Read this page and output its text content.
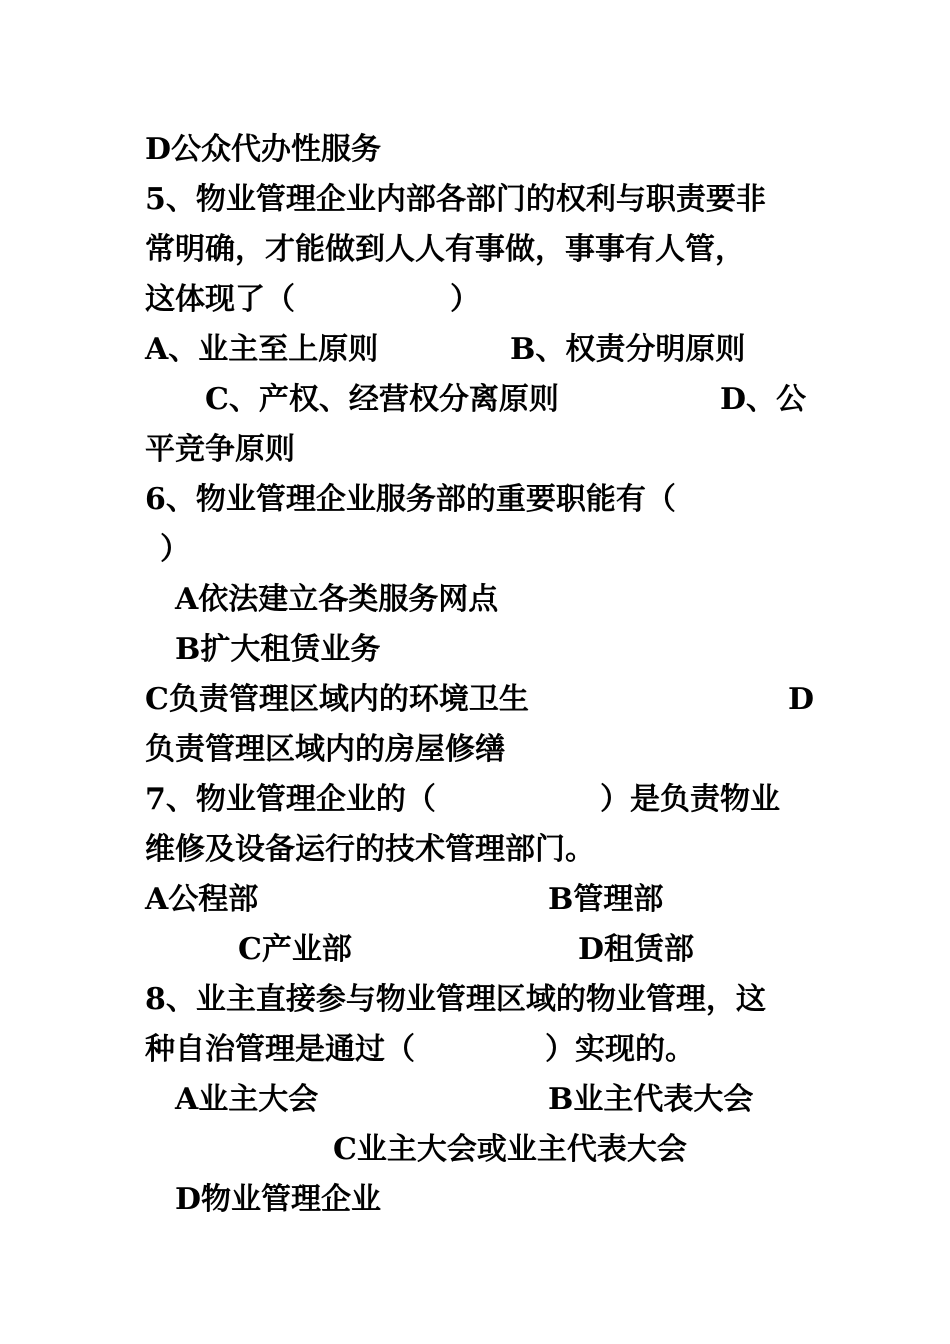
D公众代办性服务

5、物业管理企业内部各部门的权利与职责要非

常明确，才能做到人人有事做，事事有人管，

这体现了（

	）

A、业主至上原则

	B、权责分明原则

C、产权、经营权分离原则

	D、公

平竞争原则

6、物业管理企业服务部的重要职能有（

）

A依法建立各类服务网点

B扩大租赁业务

C负责管理区域内的环境卫生

	D

负责管理区域内的房屋修缮

7、物业管理企业的（

	）是负责物业

维修及设备运行的技术管理部门。

A公程部

	B管理部

C产业部

	D租赁部

8、业主直接参与物业管理区域的物业管理，这

种自治管理是通过（

	）实现的。

A业主大会

	B业主代表大会

C业主大会或业主代表大会

D物业管理企业
